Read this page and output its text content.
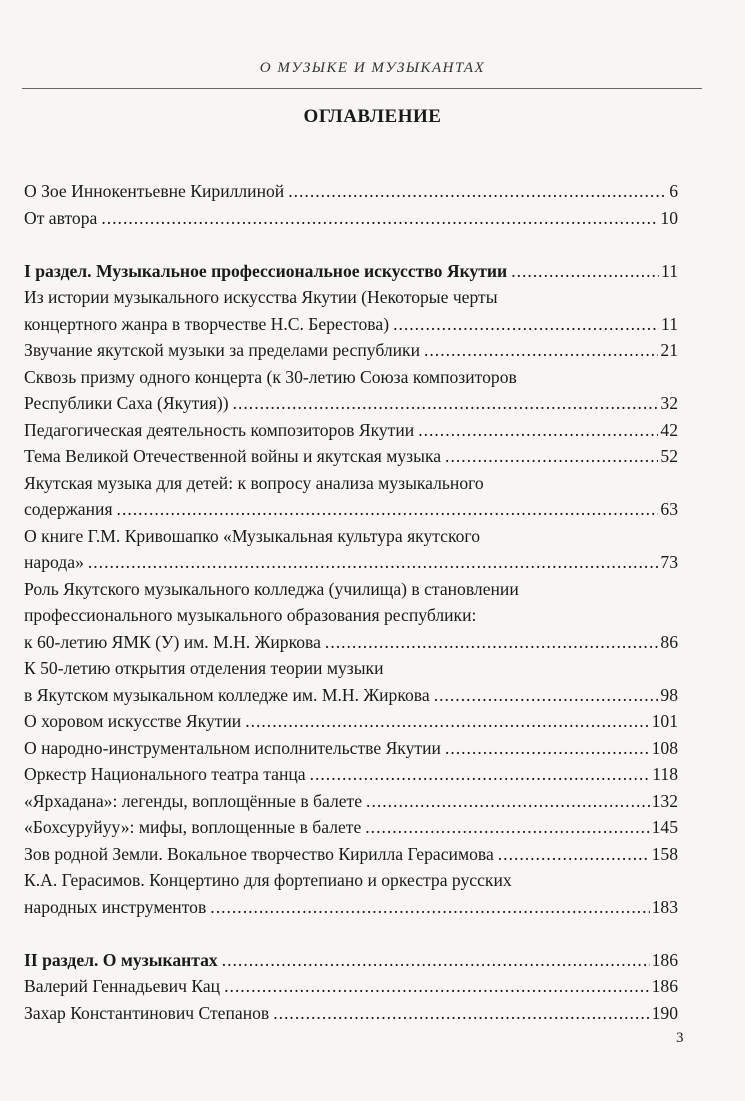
О МУЗЫКЕ И МУЗЫКАНТАХ
ОГЛАВЛЕНИЕ
О Зое Иннокентьевне Кириллиной .....	6
От автора .....	10
I раздел. Музыкальное профессиональное искусство Якутии .....	11
Из истории музыкального искусства Якутии (Некоторые черты
концертного жанра в творчестве Н.С. Берестова) .....	11
Звучание якутской музыки за пределами республики .....	21
Сквозь призму одного концерта (к 30-летию Союза композиторов
Республики Саха (Якутия)) .....	32
Педагогическая деятельность композиторов Якутии .....	42
Тема Великой Отечественной войны и якутская музыка .....	52
Якутская музыка для детей: к вопросу анализа музыкального
содержания .....	63
О книге Г.М. Кривошапко «Музыкальная культура якутского
народа» .....	73
Роль Якутского музыкального колледжа (училища) в становлении
профессионального музыкального образования республики:
к 60-летию ЯМК (У) им. М.Н. Жиркова .....	86
К 50-летию открытия отделения теории музыки
в Якутском музыкальном колледже им. М.Н. Жиркова .....	98
О хоровом искусстве Якутии .....	101
О народно-инструментальном исполнительстве Якутии .....	108
Оркестр Национального театра танца .....	118
«Ярхадана»: легенды, воплощённые в балете .....	132
«Бохсуруйуу»: мифы, воплощенные в балете .....	145
Зов родной Земли. Вокальное творчество Кирилла Герасимова .....	158
К.А. Герасимов. Концертино для фортепиано и оркестра русских
народных инструментов .....	183
II раздел. О музыкантах .....	186
Валерий Геннадьевич Кац .....	186
Захар Константинович Степанов .....	190
3
